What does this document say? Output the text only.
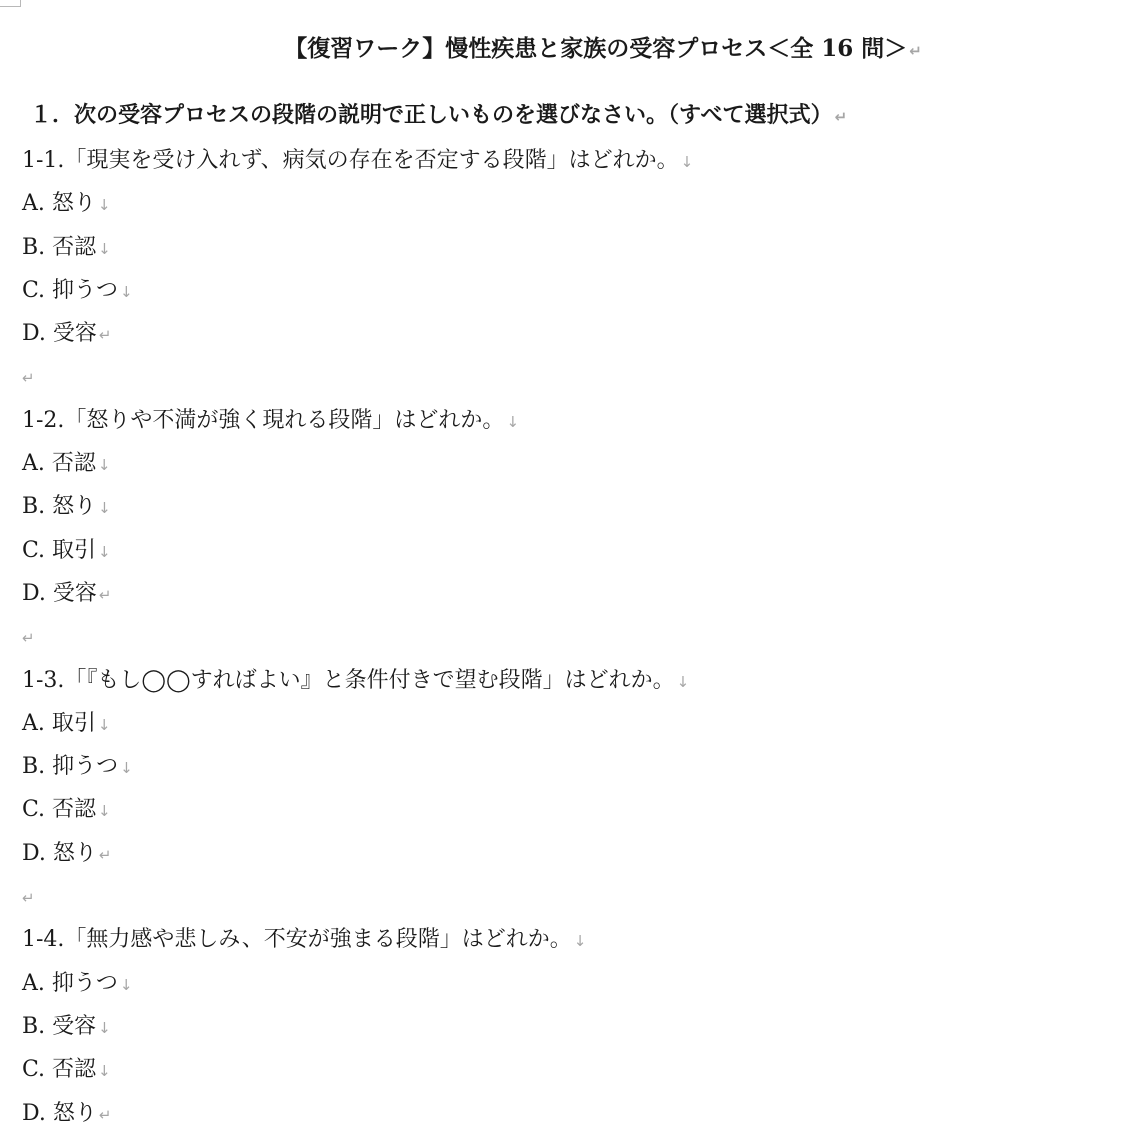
【復習ワーク】慢性疾患と家族の受容プロセス＜全 16 問＞ ↵
１．次の受容プロセスの段階の説明で正しいものを選びなさい。（すべて選択式） ↵
1-1.「現実を受け入れず、病気の存在を否定する段階」はどれか。 ↓
A. 怒り ↓
B. 否認 ↓
C. 抑うつ ↓
D. 受容 ↵
↵
1-2.「怒りや不満が強く現れる段階」はどれか。 ↓
A. 否認 ↓
B. 怒り ↓
C. 取引 ↓
D. 受容 ↵
↵
1-3.「『もし◯◯すればよい』と条件付きで望む段階」はどれか。 ↓
A. 取引 ↓
B. 抑うつ ↓
C. 否認 ↓
D. 怒り ↵
↵
1-4.「無力感や悲しみ、不安が強まる段階」はどれか。 ↓
A. 抑うつ ↓
B. 受容 ↓
C. 否認 ↓
D. 怒り ↵
